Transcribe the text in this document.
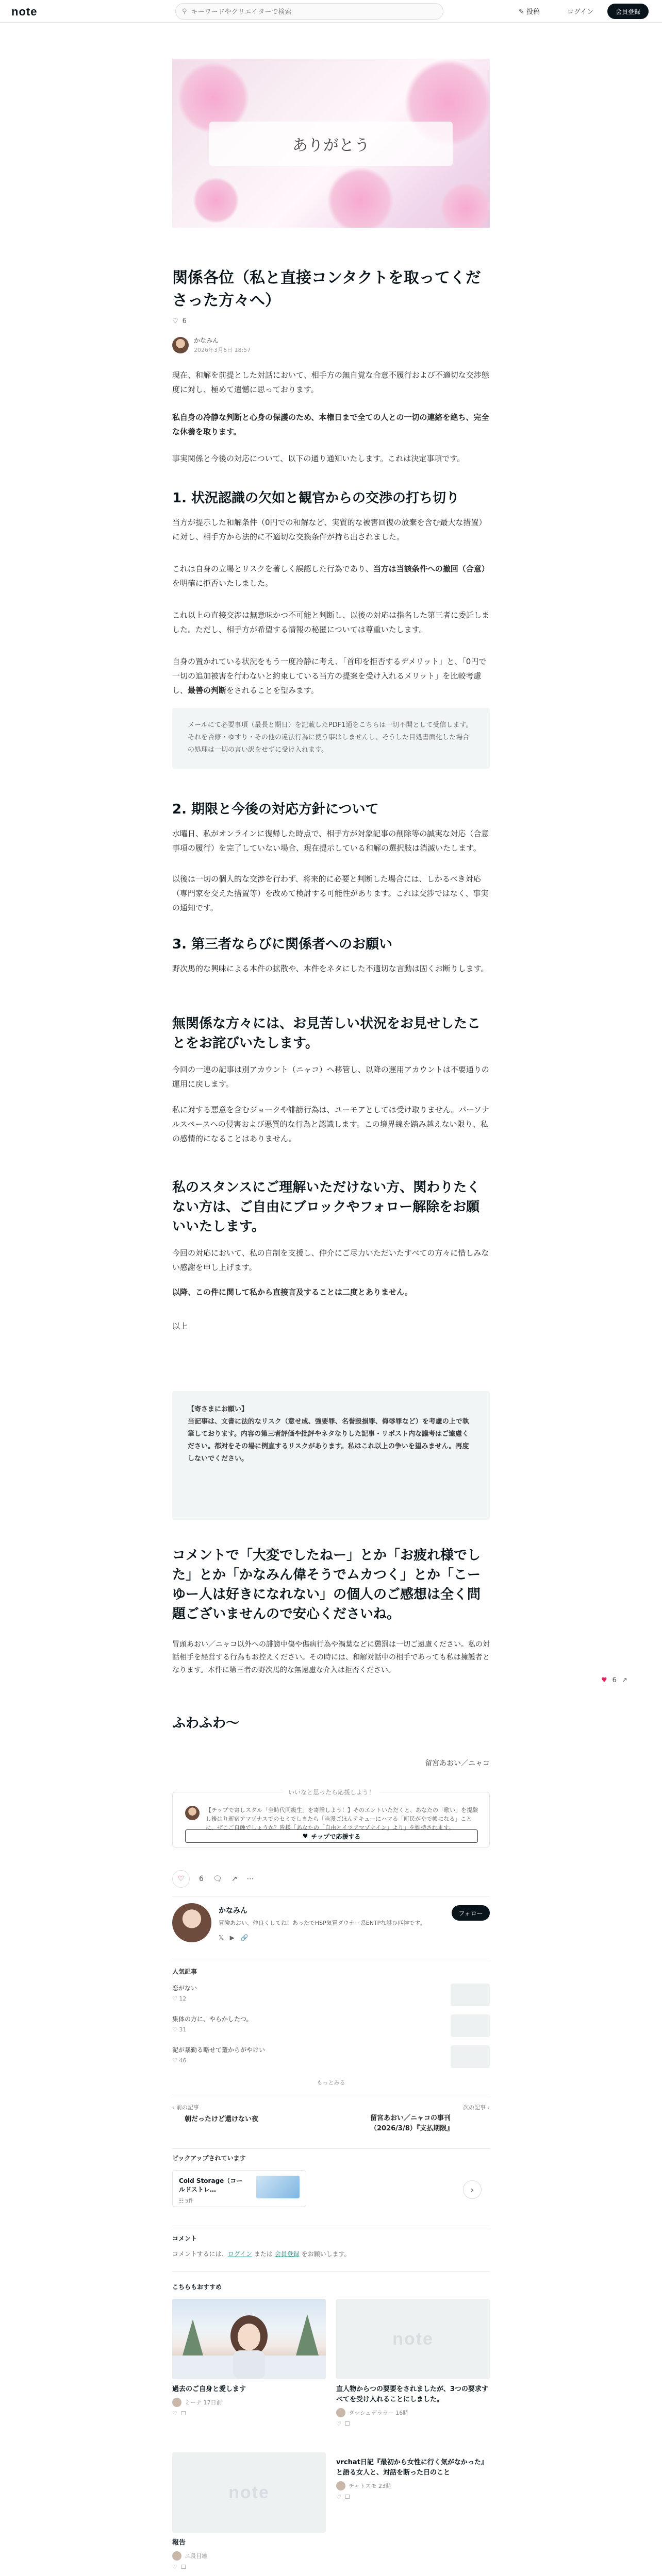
note	⚲
キーワードやクリエイターで検索	✎ 投稿	ログイン	会員登録
ありがとう
関係各位（私と直接コンタクトを取ってくださった方々へ）
♡ 6
かなみん
2026年3月6日 18:57
現在、和解を前提とした対話において、相手方の無自覚な合意不履行および不適切な交渉態度に対し、極めて遺憾に思っております。
私自身の冷静な判断と心身の保護のため、本権日まで全ての人との一切の連絡を絶ち、完全な休養を取ります。
事実関係と今後の対応について、以下の通り通知いたします。これは決定事項です。
1. 状況認識の欠如と観官からの交渉の打ち切り
当方が提示した和解条件（0円での和解など、実質的な被害回復の放棄を含む最大な措置）に対し、相手方から法的に不適切な交換条件が持ち出されました。
これは自身の立場とリスクを著しく誤認した行為であり、当方は当該条件への撤回（合意）を明確に拒否いたしました。
これ以上の直接交渉は無意味かつ不可能と判断し、以後の対応は指名した第三者に委託しました。ただし、相手方が希望する情報の秘匿については尊重いたします。
自身の置かれている状況をもう一度冷静に考え、「首印を拒否するデメリット」と、「0円で一切の追加被害を行わないと約束している当方の提案を受け入れるメリット」を比較考慮し、最善の判断をされることを望みます。
メールにて必要事項（最長と期日）を記載したPDF1通をこちらは一切不開として受信します。それを否修・ゆすり・その他の違法行為に使う事はしませんし、そうした目処書面化した場合の処理は一切の言い訳をせずに受け入れます。
2. 期限と今後の対応方針について
水曜日、私がオンラインに復帰した時点で、相手方が対象記事の削除等の誠実な対応（合意事項の履行）を完了していない場合、現在提示している和解の選択肢は消滅いたします。
以後は一切の個人的な交渉を行わず、将来的に必要と判断した場合には、しかるべき対応（専門家を交えた措置等）を改めて検討する可能性があります。これは交渉ではなく、事実の通知です。
3. 第三者ならびに関係者へのお願い
野次馬的な興味による本件の拡散や、本件をネタにした不適切な言動は固くお断りします。
無関係な方々には、お見苦しい状況をお見せしたことをお詫びいたします。
今回の一連の記事は別アカウント（ニャコ）へ移管し、以降の運用アカウントは不要通りの運用に戻します。
私に対する悪意を含むジョークや誹謗行為は、ユーモアとしては受け取りません。パーソナルスペースへの侵害および悪質的な行為と認識します。この境界線を踏み越えない限り、私の感情的になることはありません。
私のスタンスにご理解いただけない方、関わりたくない方は、ご自由にブロックやフォロー解除をお願いいたします。
今回の対応において、私の自制を支援し、仲介にご尽力いただいたすべての方々に惜しみない感謝を申し上げます。
以降、この件に関して私から直接言及することは二度とありません。
以上
【寄さまにお願い】
当記事は、文書に法的なリスク（意せ成、強要罪、名誉毀損罪、侮辱罪など）を考慮の上で執筆しております。内容の第三者評価や批評やネタなりした記事・リポスト内な議考はご遠慮ください。都対をその場に例直するリスクがあります。私はこれ以上の争いを望みません。再度しないでください。
コメントで「大変でしたねー」とか「お疲れ様でした」とか「かなみん偉そうでムカつく」とか「こーゆー人は好きになれない」の個人のご感想は全く問題ございませんので安心くださいね。
冒頭あおい／ニャコ以外への誹謗中傷や傷病行為や禍葉などに懲罰は一切ご遠慮ください。私の対話相手を経営する行為もお控えください。その時には、和解対話中の相手であっても私は擁護者となります。本件に第三者の野次馬的な無遠慮な介入は拒否ください。
ふわふわ〜
留宮あおい／ニャコ
♥ 6 ↗
いいなと思ったら応援しよう！
【チップで寄しスタル「全時代同級生」を寄贈しよう！】そのエントいただくと、あなたの「歌い」を提験し後はり新宿アマゾナスでのセミでしまたら「当漫ごほんテキューにハマる「町民がやで帳になる」ことに、ぜこご自蝕でしょうか？皆様「あなたの「自由とイツアマゾナイン」より」を維持されます。
♥ チップで応援する
♡ 6 🗨 ↗ ⋯
かなみん
冒険あおい、仲良くしてね！あったでHSP気質ダウナー系ENTPな謎ひ匹神です。
𝕏 ▶ 🔗
フォロー
人気記事
恋がない
♡ 12
集体の方に、やらかしたつ。
♡ 31
泥が暴勤る略せて叢からがやけい
♡ 46
もっとみる
‹ 前の記事
朝だったけど還けない夜
次の記事 ›
留宮あおい／ニャコの事刊（2026/3/8）『支払期限』
ピックアップされています
Cold Storage（コールドストレ…
☷ 5件
›
コメント
コメントするには、ログイン または 会員登録 をお願いします。
こちらもおすすめ
過去のご自身と愛します
ミーナ 17日前
♡  ☐
note
直人物からつの要要をされましたが、3つの要求すべてを受け入れることにしました。
ダッシュデララー 16時
♡  ☐
note
報告
ニ段目雄
♡  ☐
vrchat日記『最初から女性に行く気がなかった』と語る女人と、対話を断った日のこと
チャトスモ 23時
♡  ☐
